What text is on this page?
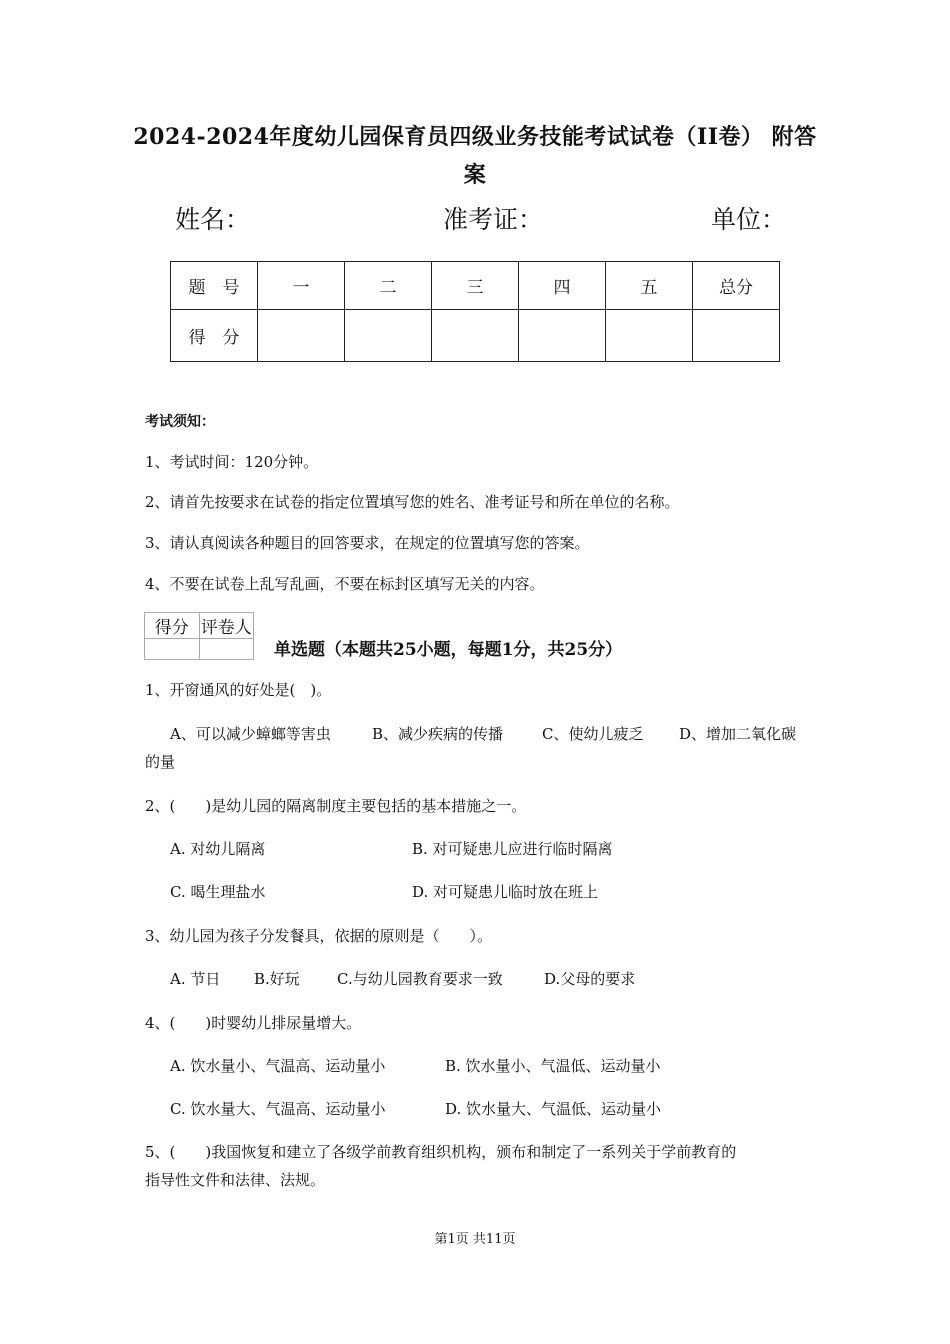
2024-2024年度幼儿园保育员四级业务技能考试试卷（II卷） 附答
案
姓名：	准考证：	单位：
题　号	一	二	三	四	五	总分
得　分						
考试须知：
1、考试时间：120分钟。
2、请首先按要求在试卷的指定位置填写您的姓名、准考证号和所在单位的名称。
3、请认真阅读各种题目的回答要求，在规定的位置填写您的答案。
4、不要在试卷上乱写乱画，不要在标封区填写无关的内容。
得分	评卷人

单选题（本题共25小题，每题1分，共25分）
1、开窗通风的好处是(　)。
A、可以减少蟑螂等害虫	B、减少疾病的传播	C、使幼儿疲乏 D、增加二氧化碳
的量
2、(　　)是幼儿园的隔离制度主要包括的基本措施之一。
A. 对幼儿隔离	B. 对可疑患儿应进行临时隔离
C. 喝生理盐水	D. 对可疑患儿临时放在班上
3、幼儿园为孩子分发餐具，依据的原则是（　　）。
A. 节日 B.好玩 C.与幼儿园教育要求一致	D.父母的要求
4、(　　)时婴幼儿排尿量增大。
A. 饮水量小、气温高、运动量小	B. 饮水量小、气温低、运动量小
C. 饮水量大、气温高、运动量小	D. 饮水量大、气温低、运动量小
5、(　　)我国恢复和建立了各级学前教育组织机构，颁布和制定了一系列关于学前教育的
指导性文件和法律、法规。
第1页 共11页
